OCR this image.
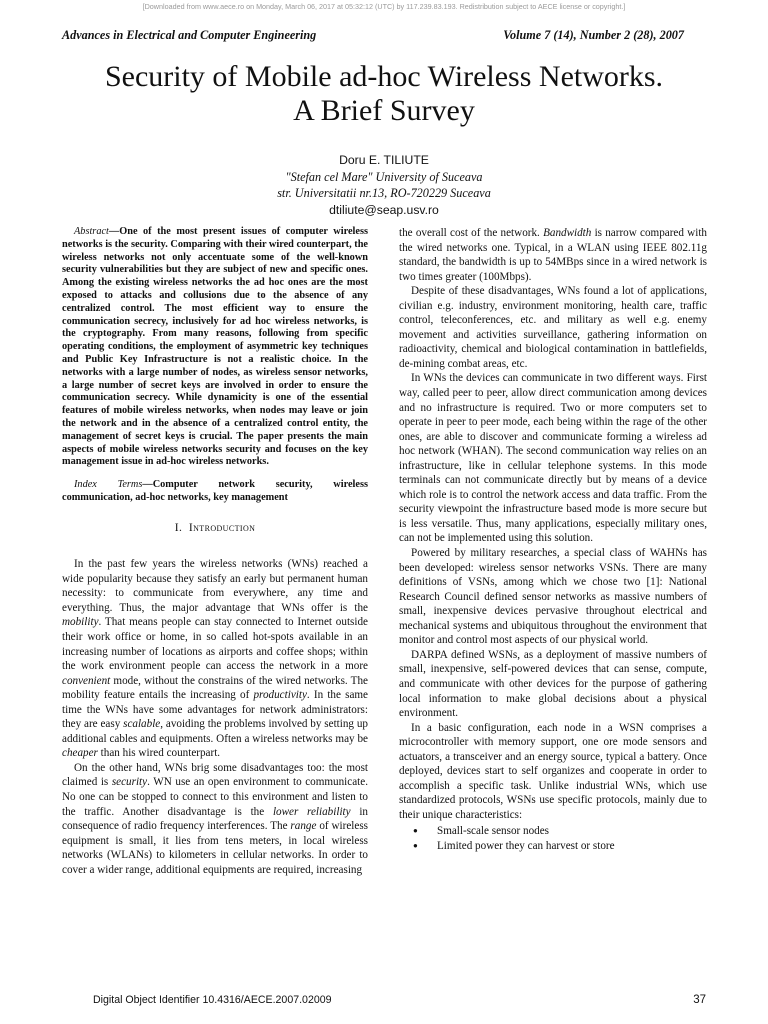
[Downloaded from www.aece.ro on Monday, March 06, 2017 at 05:32:12 (UTC) by 117.239.83.193. Redistribution subject to AECE license or copyright.]
Advances in Electrical and Computer Engineering	Volume 7 (14), Number 2 (28), 2007
Security of Mobile ad-hoc Wireless Networks.
A Brief Survey
Doru E. TILIUTE
"Stefan cel Mare" University of Suceava
str. Universitatii nr.13, RO-720229 Suceava
dtiliute@seap.usv.ro

Abstract—One of the most present issues of computer wireless networks is the security. Comparing with their wired counterpart, the wireless networks not only accentuate some of the well-known security vulnerabilities but they are subject of new and specific ones. Among the existing wireless networks the ad hoc ones are the most exposed to attacks and collusions due to the absence of any centralized control. The most efficient way to ensure the communication secrecy, inclusively for ad hoc wireless networks, is the cryptography. From many reasons, following from specific operating conditions, the employment of asymmetric key techniques and Public Key Infrastructure is not a realistic choice. In the networks with a large number of nodes, as wireless sensor networks, a large number of secret keys are involved in order to ensure the communication secrecy. While dynamicity is one of the essential features of mobile wireless networks, when nodes may leave or join the network and in the absence of a centralized control entity, the management of secret keys is crucial. The paper presents the main aspects of mobile wireless networks security and focuses on the key management issue in ad-hoc wireless networks.

Index Terms—Computer network security, wireless communication, ad-hoc networks, key management

I. Introduction

In the past few years the wireless networks (WNs) reached a wide popularity because they satisfy an early but permanent human necessity: to communicate from everywhere, any time and everything. Thus, the major advantage that WNs offer is the mobility. That means people can stay connected to Internet outside their work office or home, in so called hot-spots available in an increasing number of locations as airports and coffee shops; within the work environment people can access the network in a more convenient mode, without the constrains of the wired networks. The mobility feature entails the increasing of productivity. In the same time the WNs have some advantages for network administrators: they are easy scalable, avoiding the problems involved by setting up additional cables and equipments. Often a wireless networks may be cheaper than his wired counterpart.

On the other hand, WNs brig some disadvantages too: the most claimed is security. WN use an open environment to communicate. No one can be stopped to connect to this environment and listen to the traffic. Another disadvantage is the lower reliability in consequence of radio frequency interferences. The range of wireless equipment is small, it lies from tens meters, in local wireless networks (WLANs) to kilometers in cellular networks. In order to cover a wider range, additional equipments are required, increasing

the overall cost of the network. Bandwidth is narrow compared with the wired networks one. Typical, in a WLAN using IEEE 802.11g standard, the bandwidth is up to 54MBps since in a wired network is two times greater (100Mbps).

Despite of these disadvantages, WNs found a lot of applications, civilian e.g. industry, environment monitoring, health care, traffic control, teleconferences, etc. and military as well e.g. enemy movement and activities surveillance, gathering information on radioactivity, chemical and biological contamination in battlefields, de-mining combat areas, etc.

In WNs the devices can communicate in two different ways. First way, called peer to peer, allow direct communication among devices and no infrastructure is required. Two or more computers set to operate in peer to peer mode, each being within the rage of the other ones, are able to discover and communicate forming a wireless ad hoc network (WHAN). The second communication way relies on an infrastructure, like in cellular telephone systems. In this mode terminals can not communicate directly but by means of a device which role is to control the network access and data traffic. From the security viewpoint the infrastructure based mode is more secure but is less versatile. Thus, many applications, especially military ones, can not be implemented using this solution.

Powered by military researches, a special class of WAHNs has been developed: wireless sensor networks VSNs. There are many definitions of VSNs, among which we chose two [1]: National Research Council defined sensor networks as massive numbers of small, inexpensive devices pervasive throughout electrical and mechanical systems and ubiquitous throughout the environment that monitor and control most aspects of our physical world.

DARPA defined WSNs, as a deployment of massive numbers of small, inexpensive, self-powered devices that can sense, compute, and communicate with other devices for the purpose of gathering local information to make global decisions about a physical environment.

In a basic configuration, each node in a WSN comprises a microcontroller with memory support, one ore mode sensors and actuators, a transceiver and an energy source, typical a battery. Once deployed, devices start to self organizes and cooperate in order to accomplish a specific task. Unlike industrial WNs, which use standardized protocols, WSNs use specific protocols, mainly due to their unique characteristics:

● Small-scale sensor nodes
● Limited power they can harvest or store
Digital Object Identifier 10.4316/AECE.2007.02009	37
